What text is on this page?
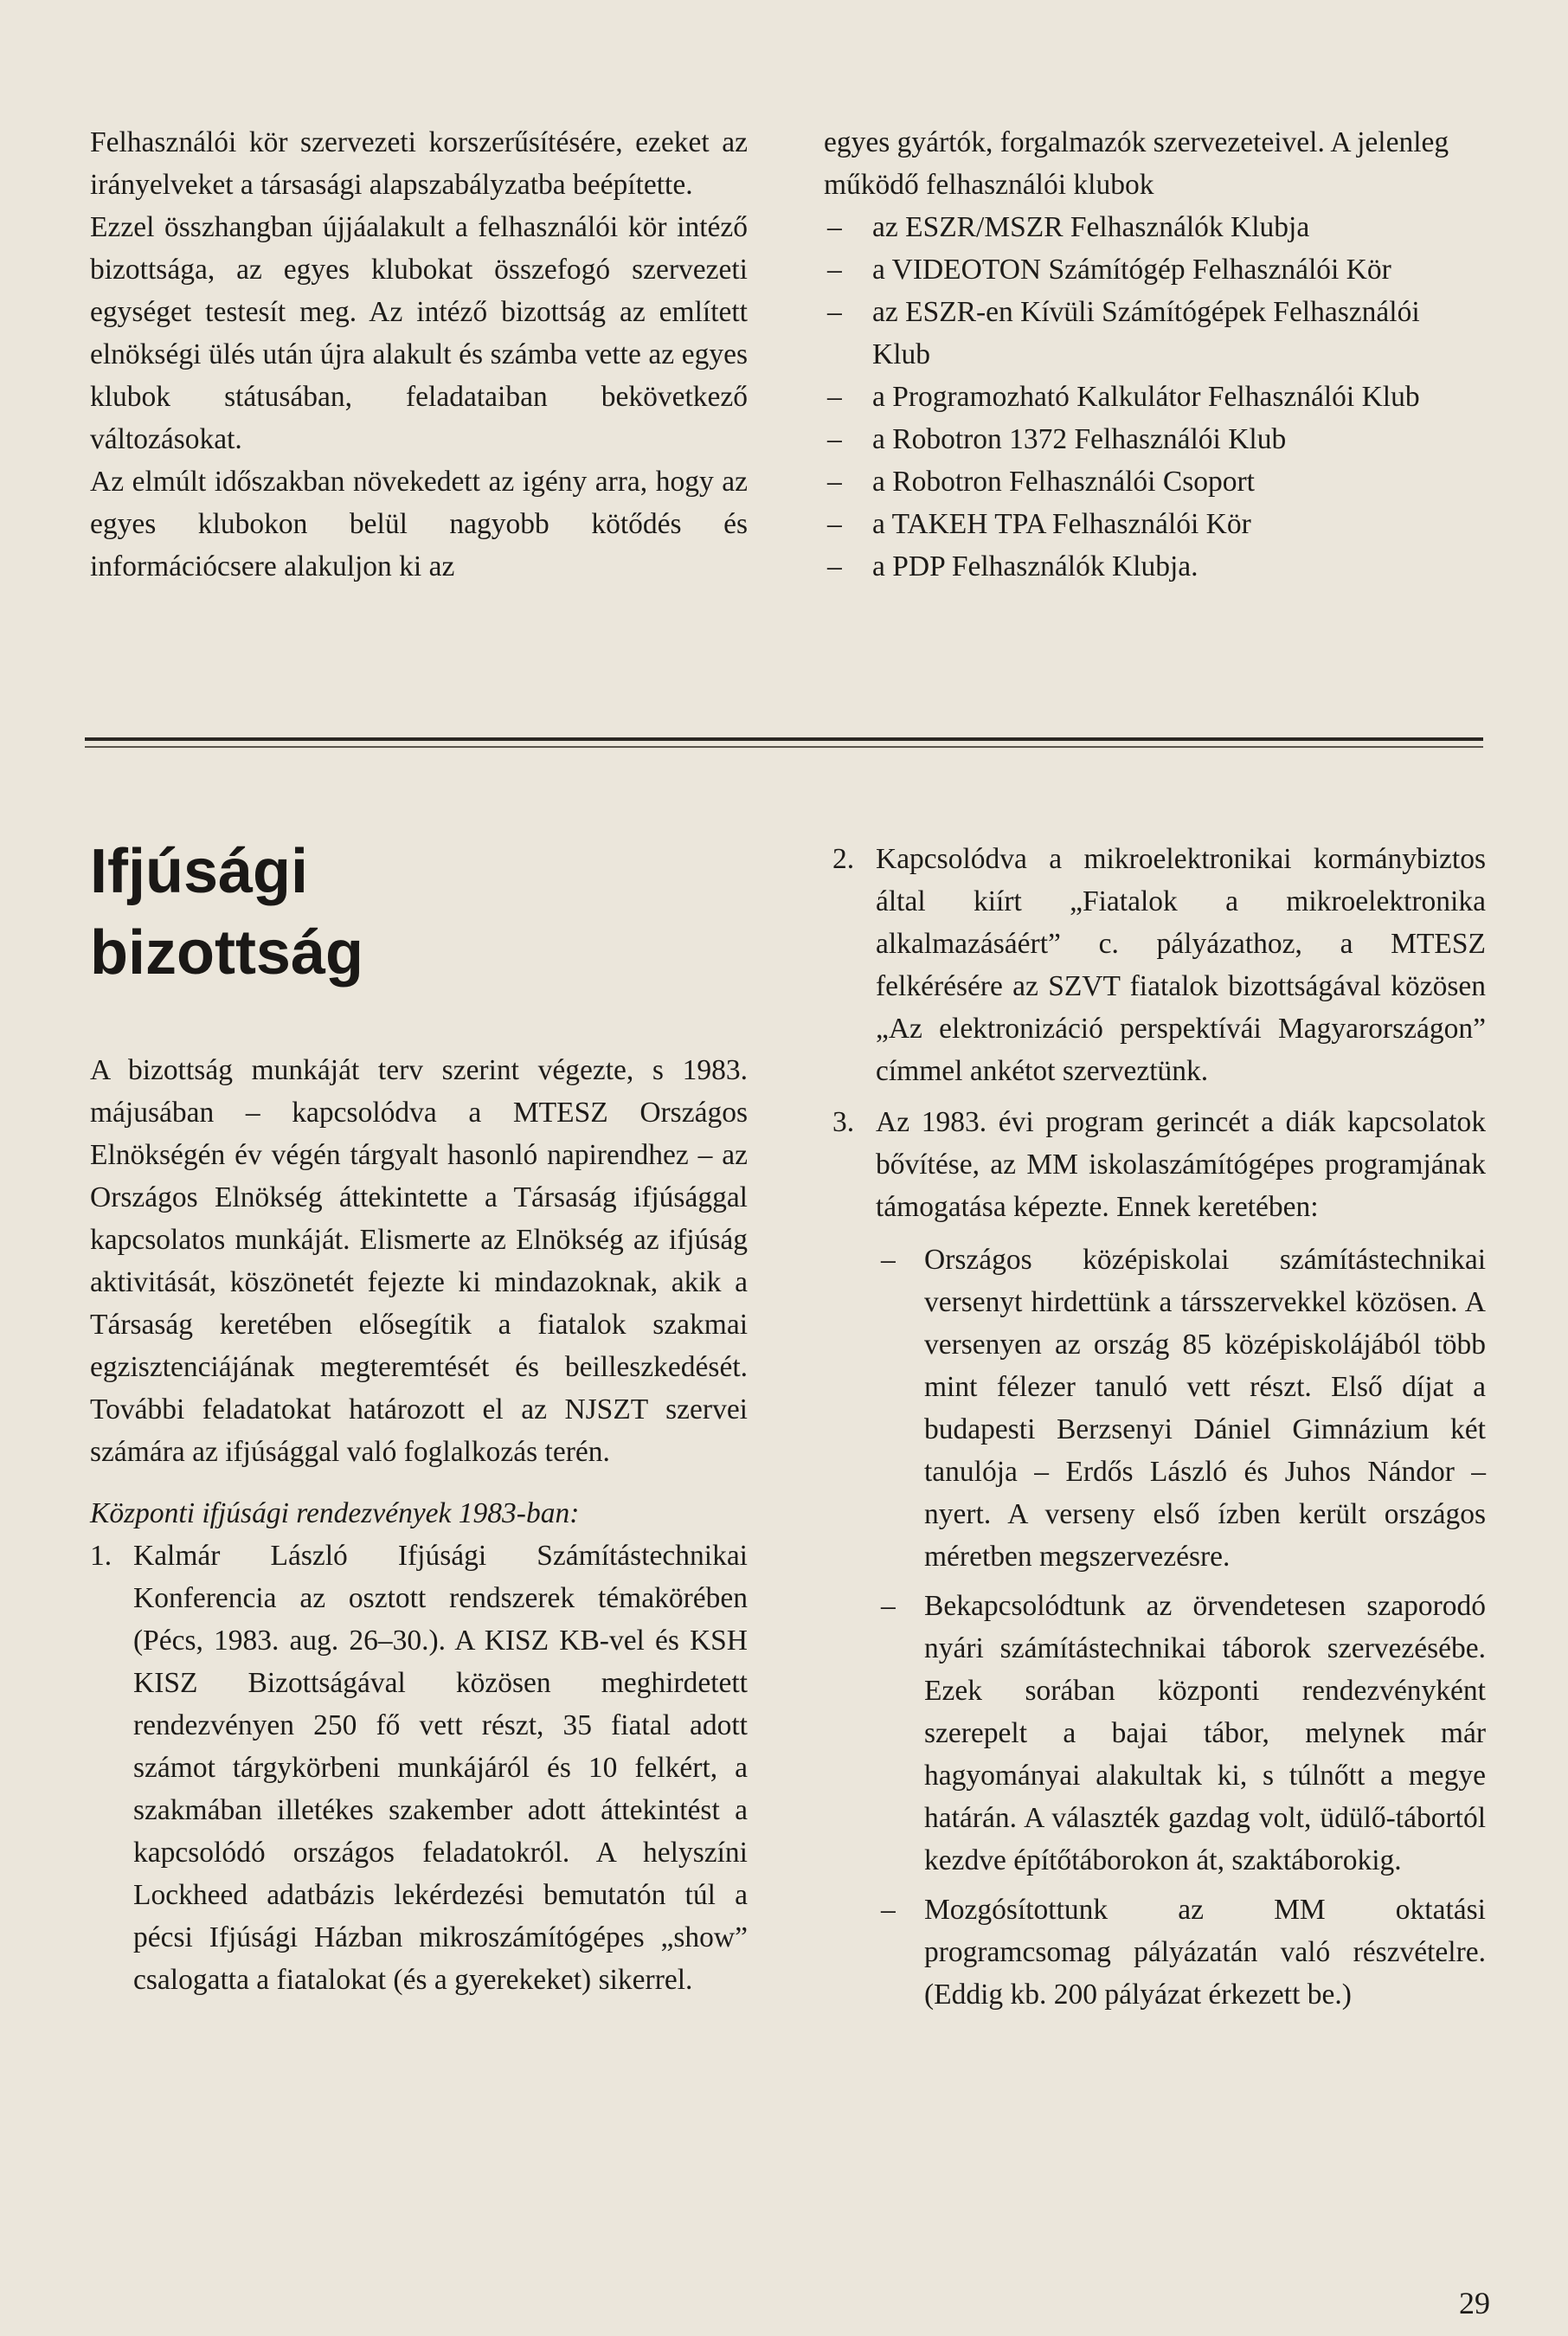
Felhasználói kör szervezeti korszerűsítésére, ezeket az irányelveket a társasági alapszabályzatba beépítette.

Ezzel összhangban újjáalakult a felhasználói kör intéző bizottsága, az egyes klubokat összefogó szervezeti egységet testesít meg. Az intéző bizottság az említett elnökségi ülés után újra alakult és számba vette az egyes klubok státusában, feladataiban bekövetkező változásokat.

Az elmúlt időszakban növekedett az igény arra, hogy az egyes klubokon belül nagyobb kötődés és információcsere alakuljon ki az

egyes gyártók, forgalmazók szervezeteivel. A jelenleg működő felhasználói klubok

– az ESZR/MSZR Felhasználók Klubja
– a VIDEOTON Számítógép Felhasználói Kör
– az ESZR-en Kívüli Számítógépek Felhasználói Klub
– a Programozható Kalkulátor Felhasználói Klub
– a Robotron 1372 Felhasználói Klub
– a Robotron Felhasználói Csoport
– a TAKEH TPA Felhasználói Kör
– a PDP Felhasználók Klubja.
Ifjúsági
bizottság

A bizottság munkáját terv szerint végezte, s 1983. májusában – kapcsolódva a MTESZ Országos Elnökségén év végén tárgyalt hasonló napirendhez – az Országos Elnökség áttekintette a Társaság ifjúsággal kapcsolatos munkáját. Elismerte az Elnökség az ifjúság aktivitását, köszönetét fejezte ki mindazoknak, akik a Társaság keretében elősegítik a fiatalok szakmai egzisztenciájának megteremtését és beilleszkedését. További feladatokat határozott el az NJSZT szervei számára az ifjúsággal való foglalkozás terén.

Központi ifjúsági rendezvények 1983-ban:

1. Kalmár László Ifjúsági Számítástechnikai Konferencia az osztott rendszerek témakörében (Pécs, 1983. aug. 26–30.). A KISZ KB-vel és KSH KISZ Bizottságával közösen meghirdetett rendezvényen 250 fő vett részt, 35 fiatal adott számot tárgykörbeni munkájáról és 10 felkért, a szakmában illetékes szakember adott áttekintést a kapcsolódó országos feladatokról. A helyszíni Lockheed adatbázis lekérdezési bemutatón túl a pécsi Ifjúsági Házban mikroszámítógépes „show” csalogatta a fiatalokat (és a gyerekeket) sikerrel.
2. Kapcsolódva a mikroelektronikai kormánybiztos által kiírt „Fiatalok a mikroelektronika alkalmazásáért” c. pályázathoz, a MTESZ felkérésére az SZVT fiatalok bizottságával közösen „Az elektronizáció perspektívái Magyarországon” címmel ankétot szerveztünk.
3. Az 1983. évi program gerincét a diák kapcsolatok bővítése, az MM iskolaszámítógépes programjának támogatása képezte. Ennek keretében:
– Országos középiskolai számítástechnikai versenyt hirdettünk a társszervekkel közösen. A versenyen az ország 85 középiskolájából több mint félezer tanuló vett részt. Első díjat a budapesti Berzsenyi Dániel Gimnázium két tanulója – Erdős László és Juhos Nándor – nyert. A verseny első ízben került országos méretben megszervezésre.
– Bekapcsolódtunk az örvendetesen szaporodó nyári számítástechnikai táborok szervezésébe. Ezek sorában központi rendezvényként szerepelt a bajai tábor, melynek már hagyományai alakultak ki, s túlnőtt a megye határán. A választék gazdag volt, üdülő-tábortól kezdve építőtáborokon át, szaktáborokig.
– Mozgósítottunk az MM oktatási programcsomag pályázatán való részvételre. (Eddig kb. 200 pályázat érkezett be.)
29
